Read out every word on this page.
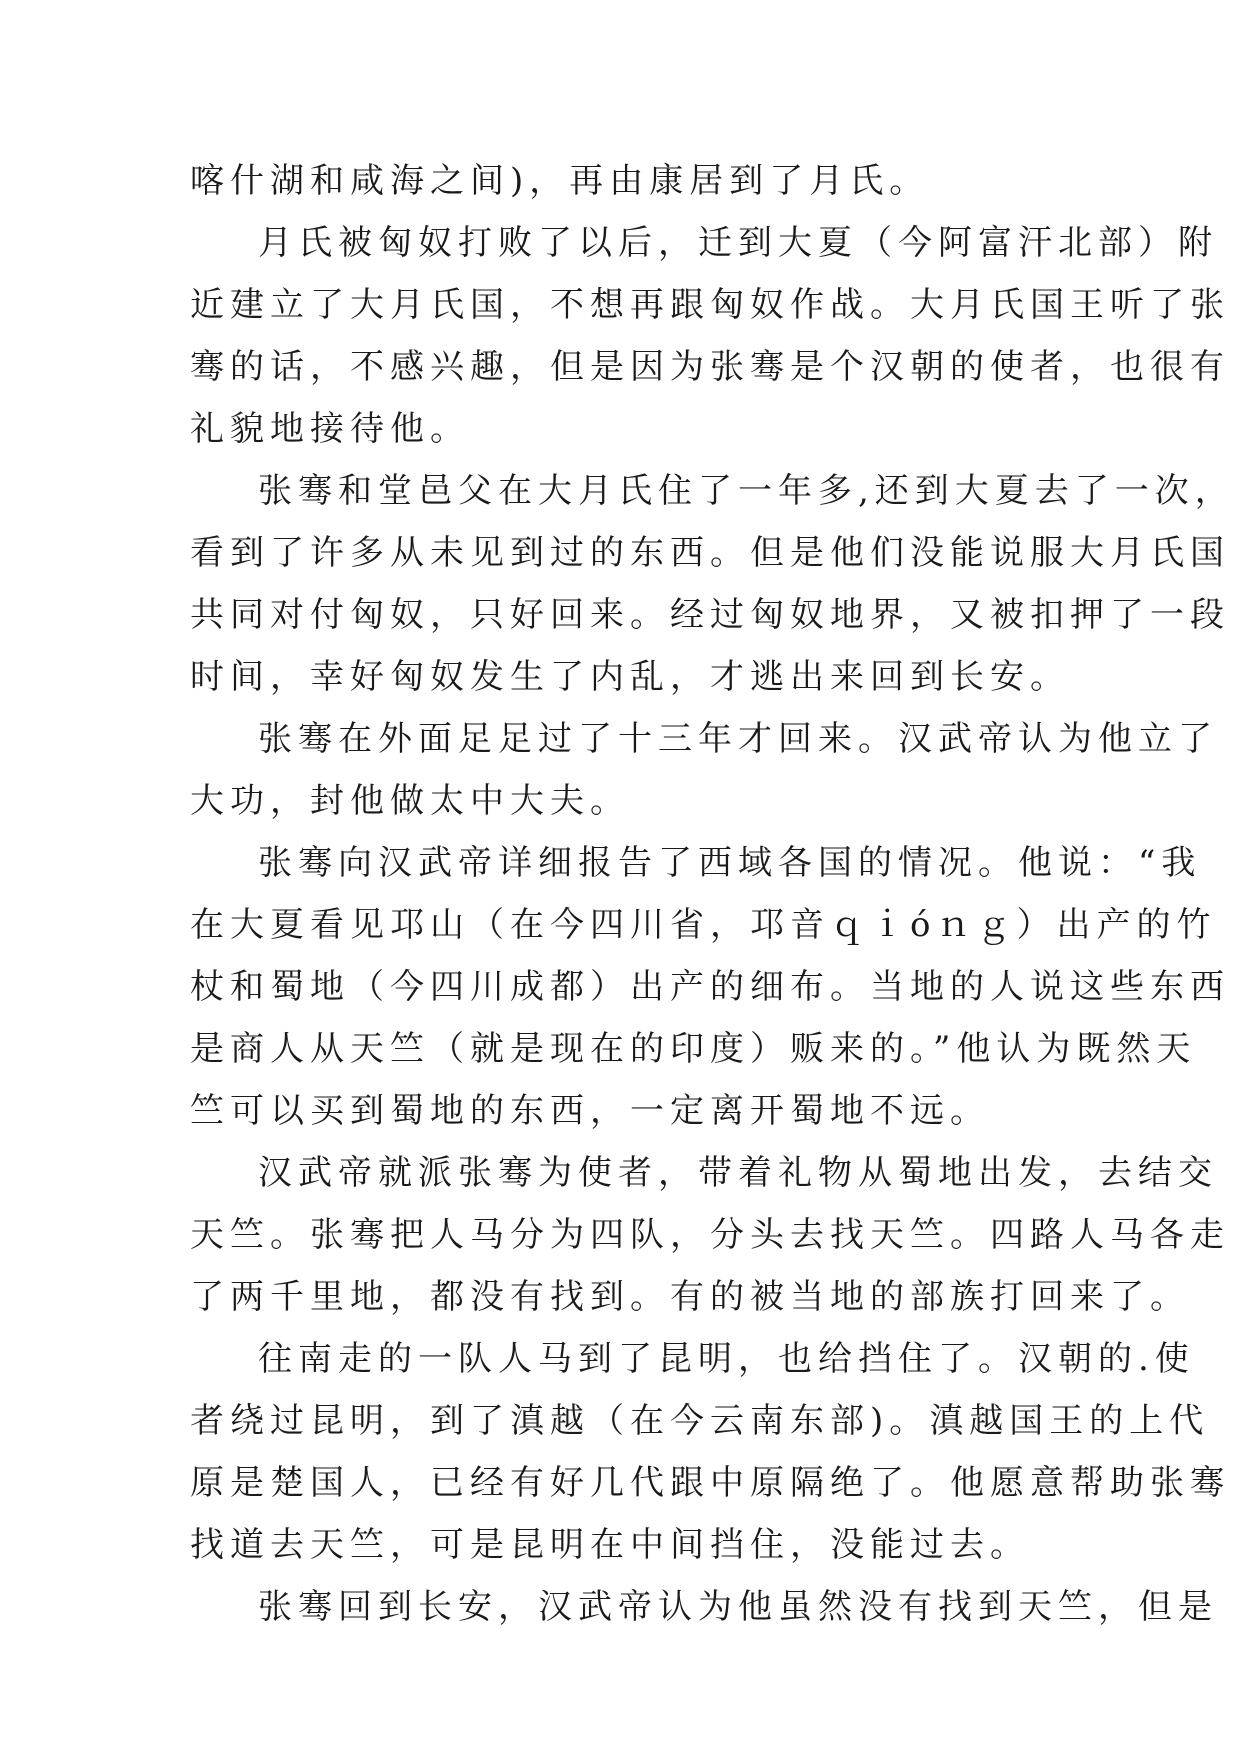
喀什湖和咸海之间)，再由康居到了月氏。
月氏被匈奴打败了以后，迁到大夏（今阿富汗北部）附
近建立了大月氏国，不想再跟匈奴作战。大月氏国王听了张
骞的话，不感兴趣，但是因为张骞是个汉朝的使者，也很有
礼貌地接待他。
张骞和堂邑父在大月氏住了一年多,还到大夏去了一次，
看到了许多从未见到过的东西。但是他们没能说服大月氏国
共同对付匈奴，只好回来。经过匈奴地界，又被扣押了一段
时间，幸好匈奴发生了内乱，才逃出来回到长安。
张骞在外面足足过了十三年才回来。汉武帝认为他立了
大功，封他做太中大夫。
张骞向汉武帝详细报告了西域各国的情况。他说：“我
在大夏看见邛山（在今四川省，邛音ｑｉóｎｇ）出产的竹
杖和蜀地（今四川成都）出产的细布。当地的人说这些东西
是商人从天竺（就是现在的印度）贩来的。”他认为既然天
竺可以买到蜀地的东西，一定离开蜀地不远。
汉武帝就派张骞为使者，带着礼物从蜀地出发，去结交
天竺。张骞把人马分为四队，分头去找天竺。四路人马各走
了两千里地，都没有找到。有的被当地的部族打回来了。
往南走的一队人马到了昆明，也给挡住了。汉朝的.使
者绕过昆明，到了滇越（在今云南东部)。滇越国王的上代
原是楚国人，已经有好几代跟中原隔绝了。他愿意帮助张骞
找道去天竺，可是昆明在中间挡住，没能过去。
张骞回到长安，汉武帝认为他虽然没有找到天竺，但是
